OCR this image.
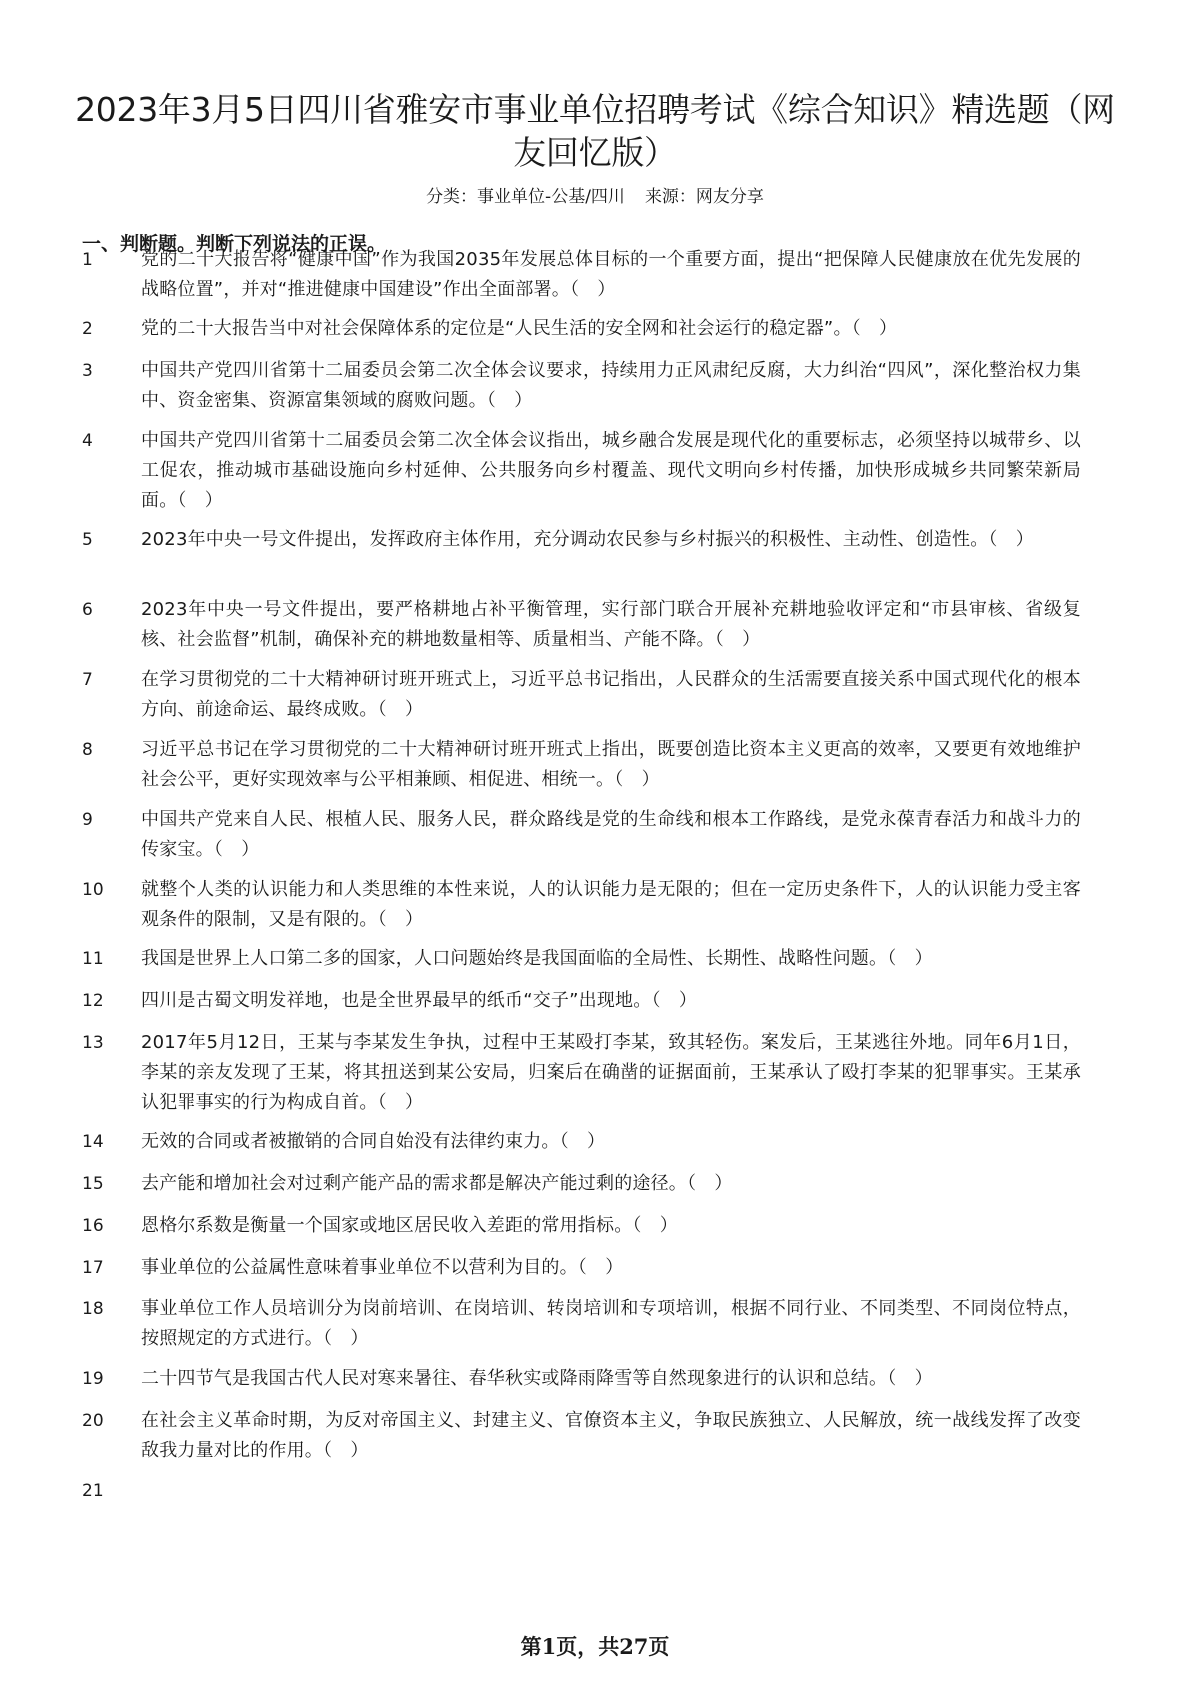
2023年3月5日四川省雅安市事业单位招聘考试《综合知识》精选题（网友回忆版）
分类：事业单位-公基/四川 来源：网友分享
一、判断题。判断下列说法的正误。
1	党的二十大报告将“健康中国”作为我国2035年发展总体目标的一个重要方面，提出“把保障人民健康放在优先发展的战略位置”，并对“推进健康中国建设”作出全面部署。（　）
2	党的二十大报告当中对社会保障体系的定位是“人民生活的安全网和社会运行的稳定器”。（　）
3	中国共产党四川省第十二届委员会第二次全体会议要求，持续用力正风肃纪反腐，大力纠治“四风”，深化整治权力集中、资金密集、资源富集领域的腐败问题。（　）
4	中国共产党四川省第十二届委员会第二次全体会议指出，城乡融合发展是现代化的重要标志，必须坚持以城带乡、以工促农，推动城市基础设施向乡村延伸、公共服务向乡村覆盖、现代文明向乡村传播，加快形成城乡共同繁荣新局面。（　）
5	2023年中央一号文件提出，发挥政府主体作用，充分调动农民参与乡村振兴的积极性、主动性、创造性。（　）
6	2023年中央一号文件提出，要严格耕地占补平衡管理，实行部门联合开展补充耕地验收评定和“市县审核、省级复核、社会监督”机制，确保补充的耕地数量相等、质量相当、产能不降。（　）
7	在学习贯彻党的二十大精神研讨班开班式上，习近平总书记指出，人民群众的生活需要直接关系中国式现代化的根本方向、前途命运、最终成败。（　）
8	习近平总书记在学习贯彻党的二十大精神研讨班开班式上指出，既要创造比资本主义更高的效率，又要更有效地维护社会公平，更好实现效率与公平相兼顾、相促进、相统一。（　）
9	中国共产党来自人民、根植人民、服务人民，群众路线是党的生命线和根本工作路线，是党永葆青春活力和战斗力的传家宝。（　）
10 就整个人类的认识能力和人类思维的本性来说，人的认识能力是无限的；但在一定历史条件下，人的认识能力受主客观条件的限制，又是有限的。（　）
11 我国是世界上人口第二多的国家，人口问题始终是我国面临的全局性、长期性、战略性问题。（　）
12 四川是古蜀文明发祥地，也是全世界最早的纸币“交子”出现地。（　）
13 2017年5月12日，王某与李某发生争执，过程中王某殴打李某，致其轻伤。案发后，王某逃往外地。同年6月1日，李某的亲友发现了王某，将其扭送到某公安局，归案后在确凿的证据面前，王某承认了殴打李某的犯罪事实。王某承认犯罪事实的行为构成自首。（　）
14 无效的合同或者被撤销的合同自始没有法律约束力。（　）
15 去产能和增加社会对过剩产能产品的需求都是解决产能过剩的途径。（　）
16 恩格尔系数是衡量一个国家或地区居民收入差距的常用指标。（　）
17 事业单位的公益属性意味着事业单位不以营利为目的。（　）
18 事业单位工作人员培训分为岗前培训、在岗培训、转岗培训和专项培训，根据不同行业、不同类型、不同岗位特点，按照规定的方式进行。（　）
19 二十四节气是我国古代人民对寒来暑往、春华秋实或降雨降雪等自然现象进行的认识和总结。（　）
20 在社会主义革命时期，为反对帝国主义、封建主义、官僚资本主义，争取民族独立、人民解放，统一战线发挥了改变敌我力量对比的作用。（　）
21
第1页，共27页
